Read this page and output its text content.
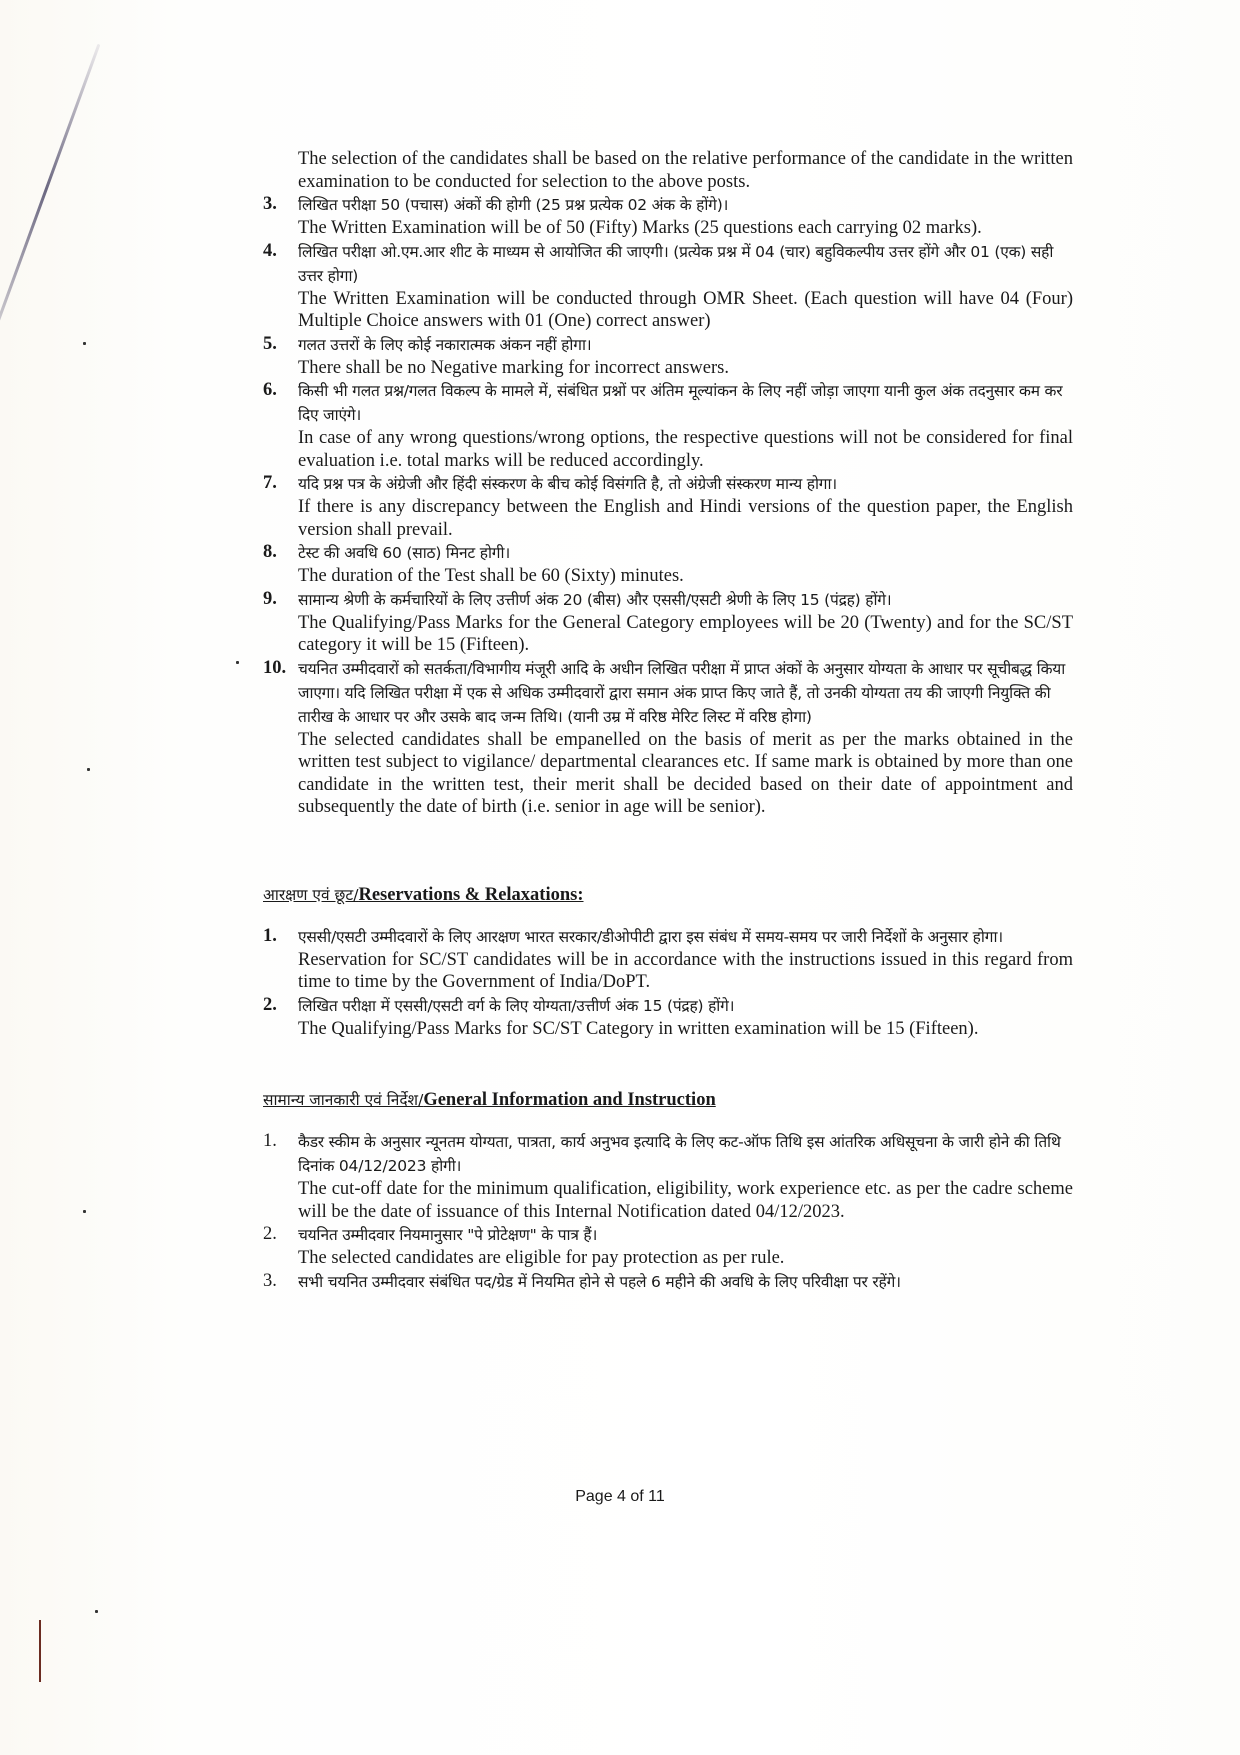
The selection of the candidates shall be based on the relative performance of the candidate in the written examination to be conducted for selection to the above posts.

3.	लिखित परीक्षा 50 (पचास) अंकों की होगी (25 प्रश्न प्रत्येक 02 अंक के होंगे)।

The Written Examination will be of 50 (Fifty) Marks (25 questions each carrying 02 marks).

4.	लिखित परीक्षा ओ.एम.आर शीट के माध्यम से आयोजित की जाएगी। (प्रत्येक प्रश्न में 04 (चार) बहुविकल्पीय उत्तर होंगे और 01 (एक) सही उत्तर होगा)

The Written Examination will be conducted through OMR Sheet. (Each question will have 04 (Four) Multiple Choice answers with 01 (One) correct answer)

5.	गलत उत्तरों के लिए कोई नकारात्मक अंकन नहीं होगा।

There shall be no Negative marking for incorrect answers.

6.	किसी भी गलत प्रश्न/गलत विकल्प के मामले में, संबंधित प्रश्नों पर अंतिम मूल्यांकन के लिए नहीं जोड़ा जाएगा यानी कुल अंक तदनुसार कम कर दिए जाएंगे।

In case of any wrong questions/wrong options, the respective questions will not be considered for final evaluation i.e. total marks will be reduced accordingly.

7.	यदि प्रश्न पत्र के अंग्रेजी और हिंदी संस्करण के बीच कोई विसंगति है, तो अंग्रेजी संस्करण मान्य होगा।

If there is any discrepancy between the English and Hindi versions of the question paper, the English version shall prevail.

8.	टेस्ट की अवधि 60 (साठ) मिनट होगी।

The duration of the Test shall be 60 (Sixty) minutes.

9.	सामान्य श्रेणी के कर्मचारियों के लिए उत्तीर्ण अंक 20 (बीस) और एससी/एसटी श्रेणी के लिए 15 (पंद्रह) होंगे।

The Qualifying/Pass Marks for the General Category employees will be 20 (Twenty) and for the SC/ST category it will be 15 (Fifteen).

10. चयनित उम्मीदवारों को सतर्कता/विभागीय मंजूरी आदि के अधीन लिखित परीक्षा में प्राप्त अंकों के अनुसार योग्यता के आधार पर सूचीबद्ध किया जाएगा। यदि लिखित परीक्षा में एक से अधिक उम्मीदवारों द्वारा समान अंक प्राप्त किए जाते हैं, तो उनकी योग्यता तय की जाएगी नियुक्ति की तारीख के आधार पर और उसके बाद जन्म तिथि। (यानी उम्र में वरिष्ठ मेरिट लिस्ट में वरिष्ठ होगा)

The selected candidates shall be empanelled on the basis of merit as per the marks obtained in the written test subject to vigilance/ departmental clearances etc. If same mark is obtained by more than one candidate in the written test, their merit shall be decided based on their date of appointment and subsequently the date of birth (i.e. senior in age will be senior).

आरक्षण एवं छूट/Reservations & Relaxations:
1.	एससी/एसटी उम्मीदवारों के लिए आरक्षण भारत सरकार/डीओपीटी द्वारा इस संबंध में समय-समय पर जारी निर्देशों के अनुसार होगा।

Reservation for SC/ST candidates will be in accordance with the instructions issued in this regard from time to time by the Government of India/DoPT.

2.	लिखित परीक्षा में एससी/एसटी वर्ग के लिए योग्यता/उत्तीर्ण अंक 15 (पंद्रह) होंगे।

The Qualifying/Pass Marks for SC/ST Category in written examination will be 15 (Fifteen).

सामान्य जानकारी एवं निर्देश/General Information and Instruction
1.	कैडर स्कीम के अनुसार न्यूनतम योग्यता, पात्रता, कार्य अनुभव इत्यादि के लिए कट-ऑफ तिथि इस आंतरिक अधिसूचना के जारी होने की तिथि दिनांक 04/12/2023 होगी।

The cut-off date for the minimum qualification, eligibility, work experience etc. as per the cadre scheme will be the date of issuance of this Internal Notification dated 04/12/2023.

2.	चयनित उम्मीदवार नियमानुसार "पे प्रोटेक्षण" के पात्र हैं।

The selected candidates are eligible for pay protection as per rule.

3.	सभी चयनित उम्मीदवार संबंधित पद/ग्रेड में नियमित होने से पहले 6 महीने की अवधि के लिए परिवीक्षा पर रहेंगे।

Page 4 of 11
